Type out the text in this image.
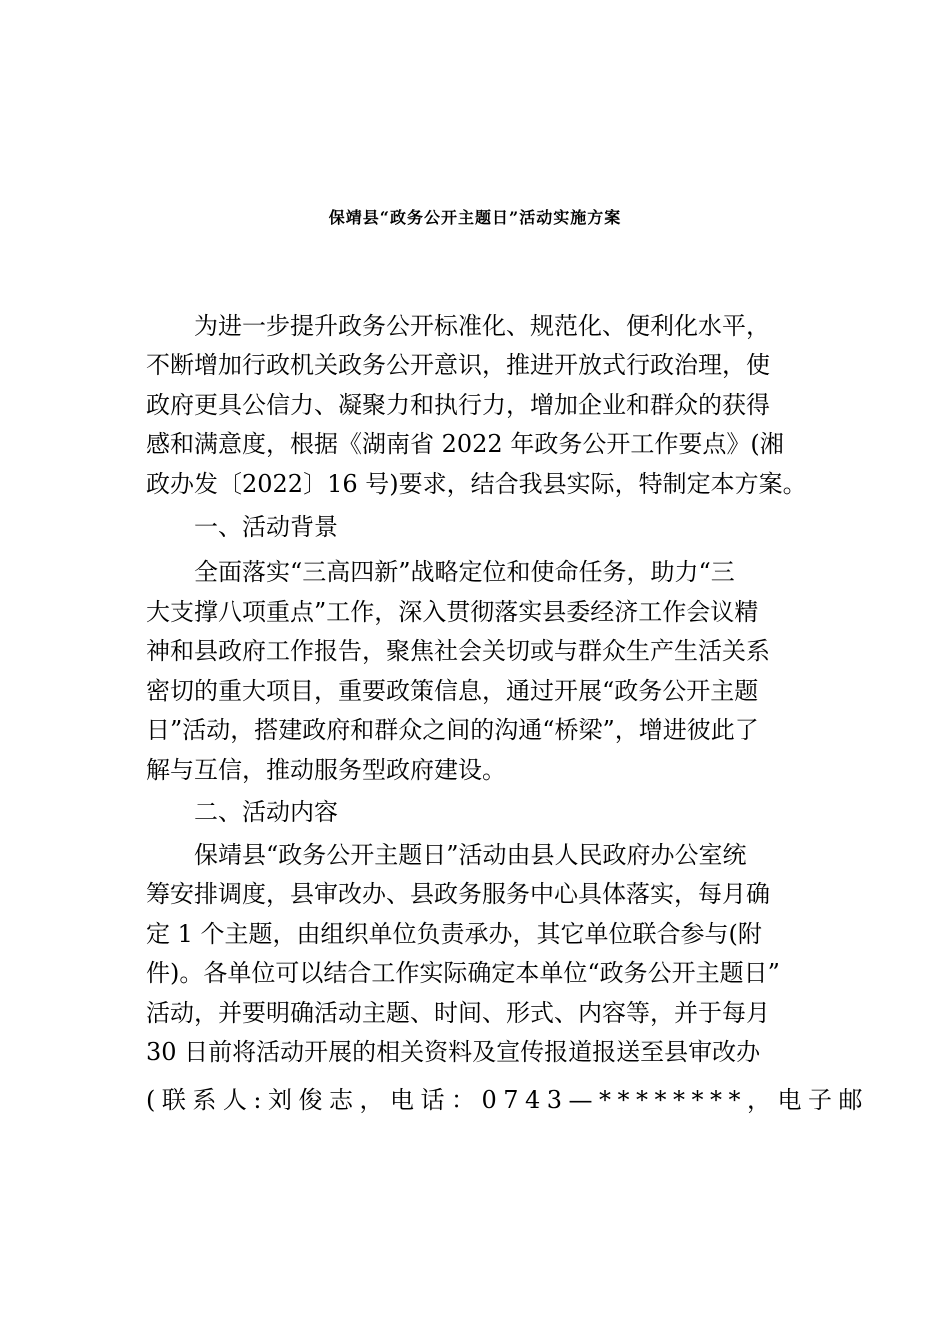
保靖县“政务公开主题日”活动实施方案
为进一步提升政务公开标准化、规范化、便利化水平，
不断增加行政机关政务公开意识，推进开放式行政治理，使
政府更具公信力、凝聚力和执行力，增加企业和群众的获得
感和满意度，根据《湖南省 2022 年政务公开工作要点》(湘
政办发〔2022〕16 号)要求，结合我县实际，特制定本方案。
一、活动背景
全面落实“三高四新”战略定位和使命任务，助力“三
大支撑八项重点”工作，深入贯彻落实县委经济工作会议精
神和县政府工作报告，聚焦社会关切或与群众生产生活关系
密切的重大项目，重要政策信息，通过开展“政务公开主题
日”活动，搭建政府和群众之间的沟通“桥梁”，增进彼此了
解与互信，推动服务型政府建设。
二、活动内容
保靖县“政务公开主题日”活动由县人民政府办公室统
筹安排调度，县审改办、县政务服务中心具体落实，每月确
定 1 个主题，由组织单位负责承办，其它单位联合参与(附
件)。各单位可以结合工作实际确定本单位“政务公开主题日”
活动，并要明确活动主题、时间、形式、内容等，并于每月
30 日前将活动开展的相关资料及宣传报道报送至县审改办
(联系人:刘俊志，电话：0743—********，电子邮
